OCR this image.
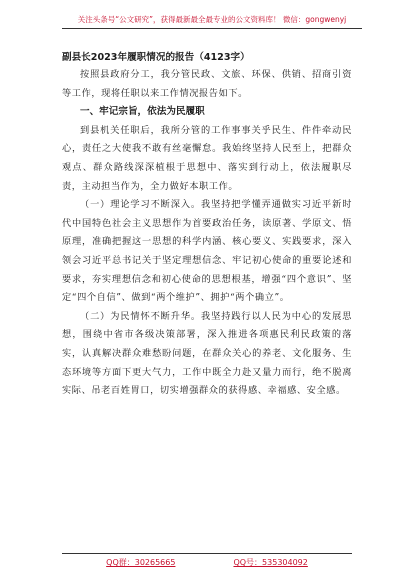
关注头条号“公文研究”，获得最新最全最专业的公文资料库！ 微信：gongwenyj

副县长2023年履职情况的报告（4123字）

按照县政府分工，我分管民政、文旅、环保、供销、招商引资等工作，现将任职以来工作情况报告如下。

一、牢记宗旨，依法为民履职

到县机关任职后，我所分管的工作事事关乎民生、件件牵动民心，责任之大使我不敢有丝毫懈怠。我始终坚持人民至上，把群众观点、群众路线深深植根于思想中、落实到行动上，依法履职尽责，主动担当作为，全力做好本职工作。

（一）理论学习不断深入。我坚持把学懂弄通做实习近平新时代中国特色社会主义思想作为首要政治任务，读原著、学原文、悟原理，准确把握这一思想的科学内涵、核心要义、实践要求，深入领会习近平总书记关于坚定理想信念、牢记初心使命的重要论述和要求，夯实理想信念和初心使命的思想根基，增强“四个意识”、坚定“四个自信”、做到“两个维护”、拥护“两个确立”。

（二）为民情怀不断升华。我坚持践行以人民为中心的发展思想，围绕中省市各级决策部署，深入推进各项惠民利民政策的落实，认真解决群众难愁盼问题，在群众关心的养老、文化服务、生态环境等方面下更大气力，工作中既全力赴又量力而行，绝不脱离实际、吊老百姓胃口，切实增强群众的获得感、幸福感、安全感。

QQ群：30265665	QQ号：535304092
